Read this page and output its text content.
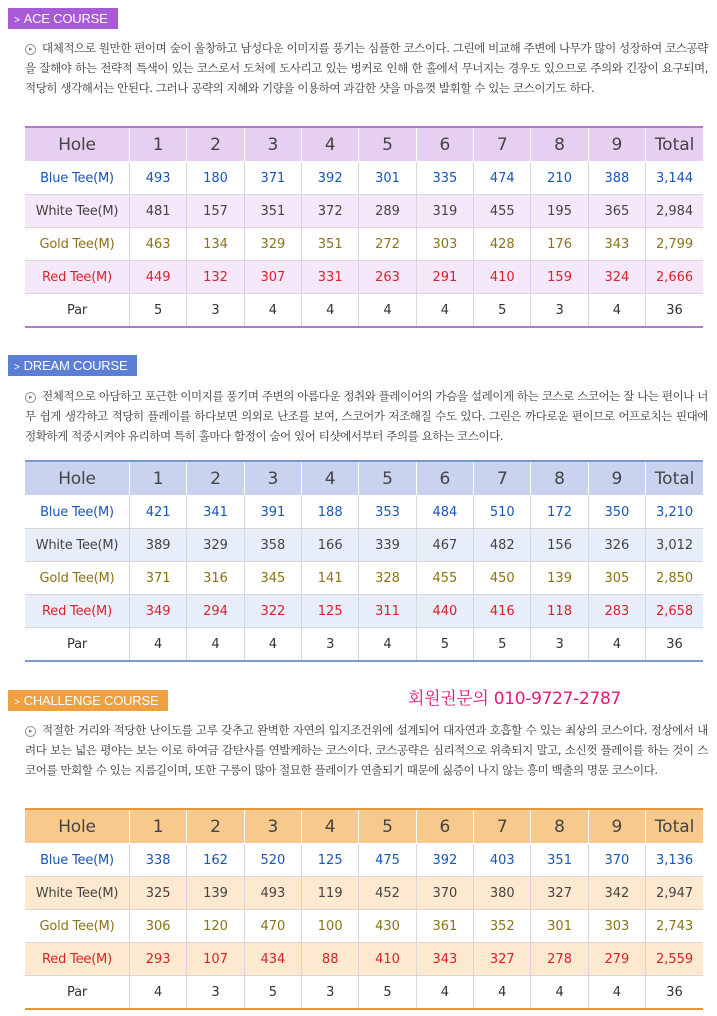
> ACE COURSE
▸ 대체적으로 원만한 편이며 숲이 울창하고 남성다운 이미지를 풍기는 심플한 코스이다. 그린에 비교해 주변에 나무가 많이 성장하여 코스공략을 잘해야 하는 전략적 특색이 있는 코스로서 도처에 도사리고 있는 벙커로 인해 한 홀에서 무너지는 경우도 있으므로 주의와 긴장이 요구되며, 적당히 생각해서는 안된다. 그러나 공략의 지혜와 기량을 이용하여 과감한 샷을 마음껏 발휘할 수 있는 코스이기도 하다.
Hole	1	2	3	4	5	6	7	8	9	Total
Blue Tee(M)	493	180	371	392	301	335	474	210	388	3,144
White Tee(M)	481	157	351	372	289	319	455	195	365	2,984
Gold Tee(M)	463	134	329	351	272	303	428	176	343	2,799
Red Tee(M)	449	132	307	331	263	291	410	159	324	2,666
Par	5	3	4	4	4	4	5	3	4	36
> DREAM COURSE
▸ 전체적으로 아담하고 포근한 이미지를 풍기며 주변의 아름다운 정취와 플레이어의 가슴을 설레이게 하는 코스로 스코어는 잘 나는 편이나 너무 쉽게 생각하고 적당히 플레이를 하다보면 의외로 난조를 보여, 스코어가 저조해질 수도 있다. 그린은 까다로운 편이므로 어프로치는 핀대에 정확하게 적중시켜야 유리하며 특히 홀마다 함정이 숨어 있어 티샷에서부터 주의를 요하는 코스이다.
Hole	1	2	3	4	5	6	7	8	9	Total
Blue Tee(M)	421	341	391	188	353	484	510	172	350	3,210
White Tee(M)	389	329	358	166	339	467	482	156	326	3,012
Gold Tee(M)	371	316	345	141	328	455	450	139	305	2,850
Red Tee(M)	349	294	322	125	311	440	416	118	283	2,658
Par	4	4	4	3	4	5	5	3	4	36
> CHALLENGE COURSE	회원권문의 010-9727-2787
▸ 적절한 거리와 적당한 난이도를 고루 갖추고 완벽한 자연의 입지조건위에 설계되어 대자연과 호흡할 수 있는 최상의 코스이다. 정상에서 내려다 보는 넓은 평야는 보는 이로 하여금 감탄사를 연발케하는 코스이다. 코스공략은 심리적으로 위축되지 말고, 소신껏 플레이를 하는 것이 스코어를 만회할 수 있는 지름길이며, 또한 구릉이 많아 절묘한 플레이가 연출되기 때문에 싫증이 나지 않는 흥미 백출의 명문 코스이다.
Hole	1	2	3	4	5	6	7	8	9	Total
Blue Tee(M)	338	162	520	125	475	392	403	351	370	3,136
White Tee(M)	325	139	493	119	452	370	380	327	342	2,947
Gold Tee(M)	306	120	470	100	430	361	352	301	303	2,743
Red Tee(M)	293	107	434	88	410	343	327	278	279	2,559
Par	4	3	5	3	5	4	4	4	4	36
